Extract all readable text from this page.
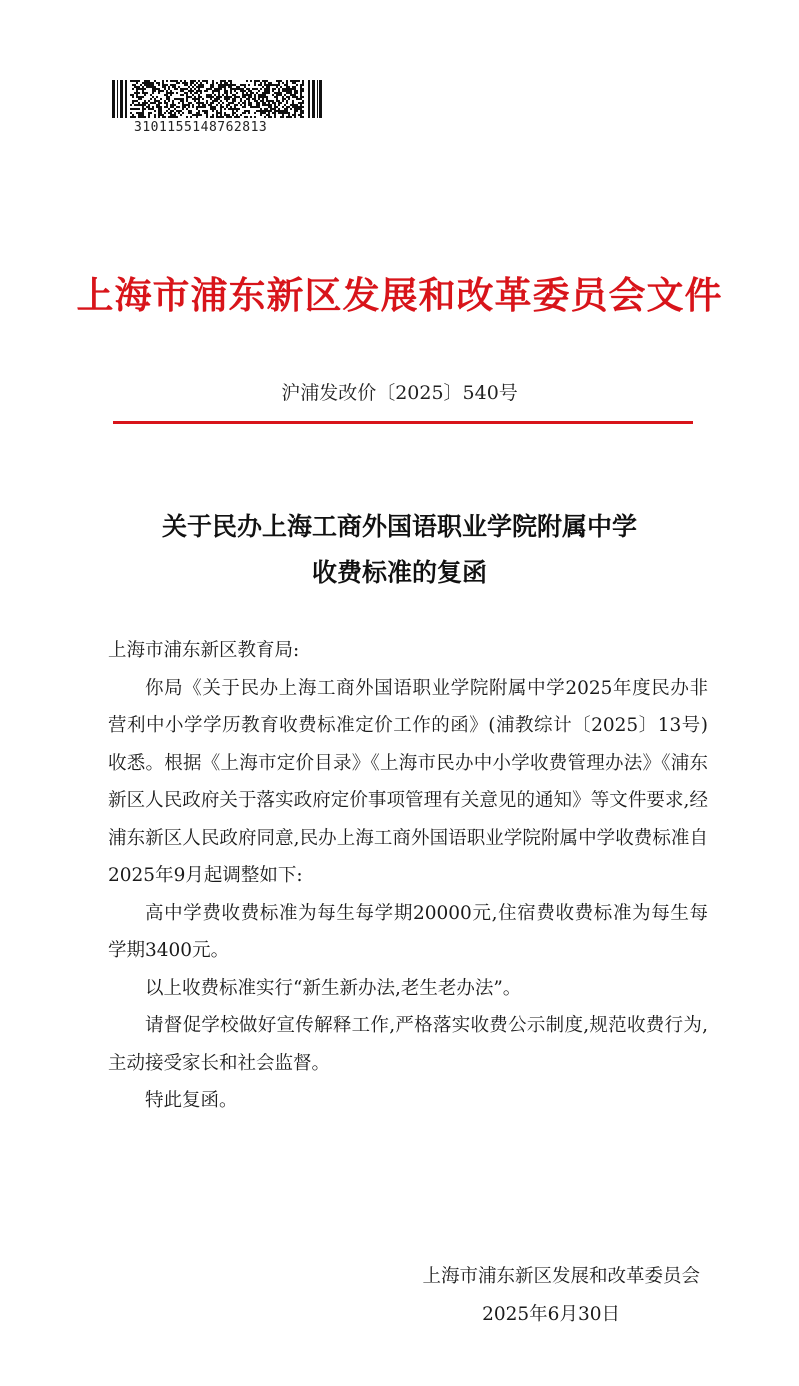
3101155148762813
上海市浦东新区发展和改革委员会文件
沪浦发改价〔2025〕540号
关于民办上海工商外国语职业学院附属中学
收费标准的复函

上海市浦东新区教育局:

你局《关于民办上海工商外国语职业学院附属中学2025年度民办非营利中小学学历教育收费标准定价工作的函》(浦教综计〔2025〕13号)收悉。根据《上海市定价目录》《上海市民办中小学收费管理办法》《浦东新区人民政府关于落实政府定价事项管理有关意见的通知》等文件要求,经浦东新区人民政府同意,民办上海工商外国语职业学院附属中学收费标准自2025年9月起调整如下:

高中学费收费标准为每生每学期20000元,住宿费收费标准为每生每学期3400元。

以上收费标准实行“新生新办法,老生老办法”。

请督促学校做好宣传解释工作,严格落实收费公示制度,规范收费行为,主动接受家长和社会监督。

特此复函。

上海市浦东新区发展和改革委员会
2025年6月30日
